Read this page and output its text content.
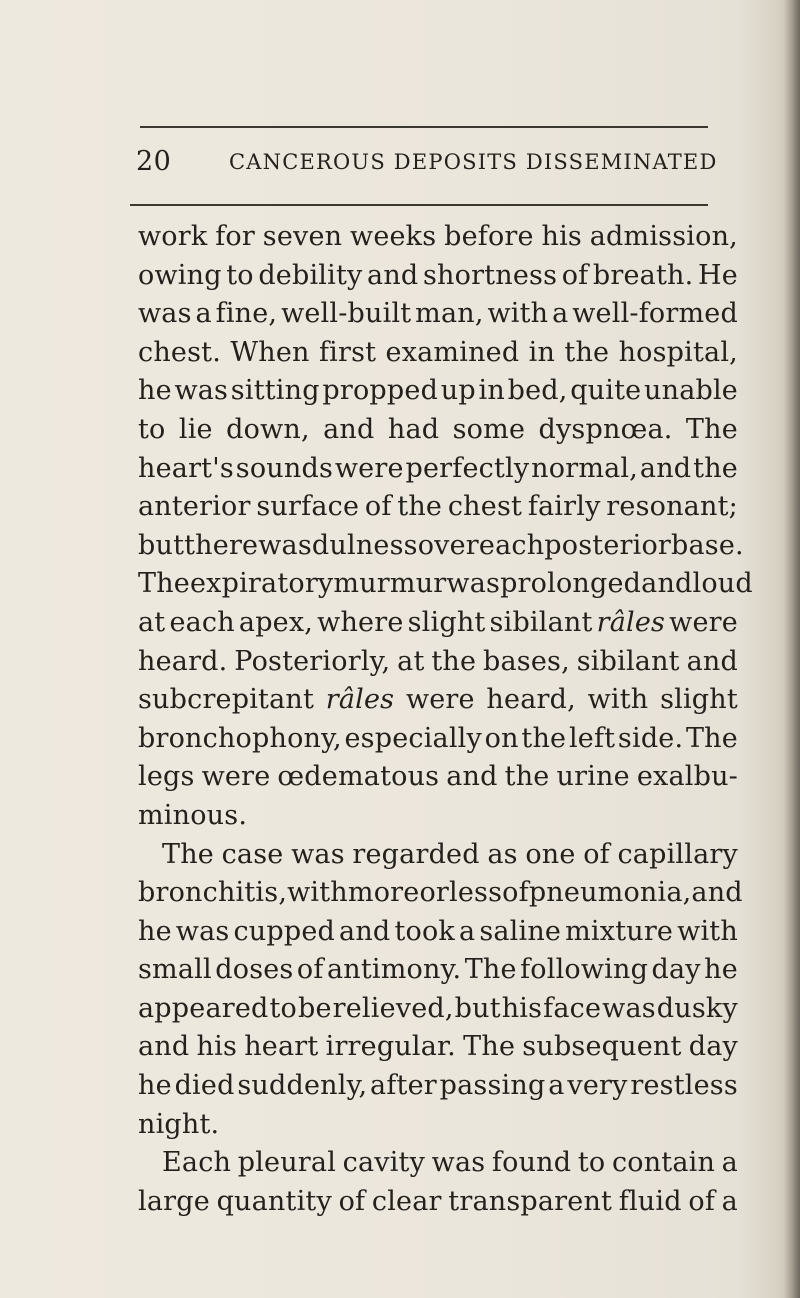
20	CANCEROUS DEPOSITS DISSEMINATED
work for seven weeks before his admission,
owing to debility and shortness of breath. He
was a fine, well-built man, with a well-formed
chest. When first examined in the hospital,
he was sitting propped up in bed, quite unable
to lie down, and had some dyspnœa. The
heart's sounds were perfectly normal, and the
anterior surface of the chest fairly resonant;
but there was dulness over each posterior base.
The expiratory murmur was prolonged and loud
at each apex, where slight sibilant râles were
heard. Posteriorly, at the bases, sibilant and
subcrepitant râles were heard, with slight
bronchophony, especially on the left side. The
legs were œdematous and the urine exalbu-
minous.
The case was regarded as one of capillary
bronchitis, with more or less of pneumonia, and
he was cupped and took a saline mixture with
small doses of antimony. The following day he
appeared to be relieved, but his face was dusky
and his heart irregular. The subsequent day
he died suddenly, after passing a very restless
night.
Each pleural cavity was found to contain a
large quantity of clear transparent fluid of a
